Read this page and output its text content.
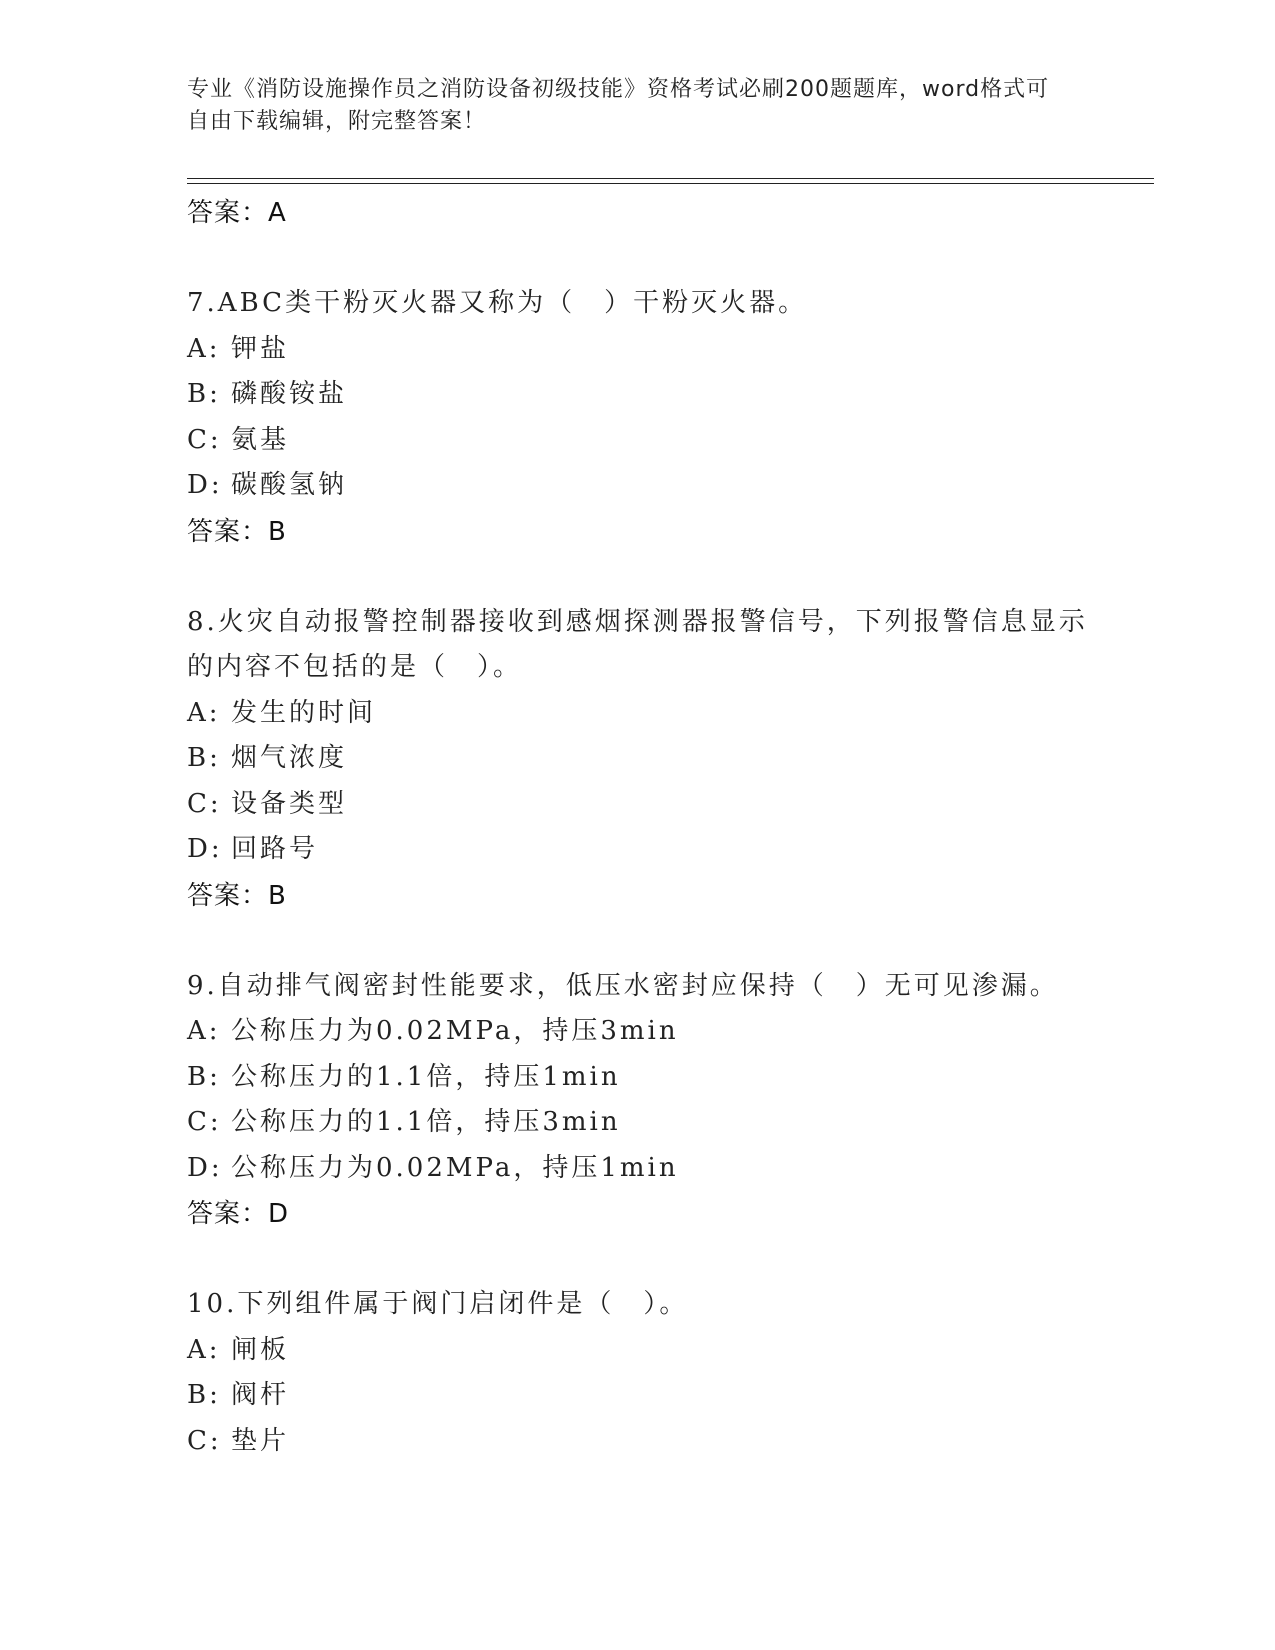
专业《消防设施操作员之消防设备初级技能》资格考试必刷200题题库，word格式可自由下载编辑，附完整答案！
答案：A
7.ABC类干粉灭火器又称为（　）干粉灭火器。
A: 钾盐
B: 磷酸铵盐
C: 氨基
D: 碳酸氢钠
答案：B
8.火灾自动报警控制器接收到感烟探测器报警信号，下列报警信息显示的内容不包括的是（　）。
A: 发生的时间
B: 烟气浓度
C: 设备类型
D: 回路号
答案：B
9.自动排气阀密封性能要求，低压水密封应保持（　）无可见渗漏。
A: 公称压力为0.02MPa，持压3min
B: 公称压力的1.1倍，持压1min
C: 公称压力的1.1倍，持压3min
D: 公称压力为0.02MPa，持压1min
答案：D
10.下列组件属于阀门启闭件是（　）。
A: 闸板
B: 阀杆
C: 垫片
